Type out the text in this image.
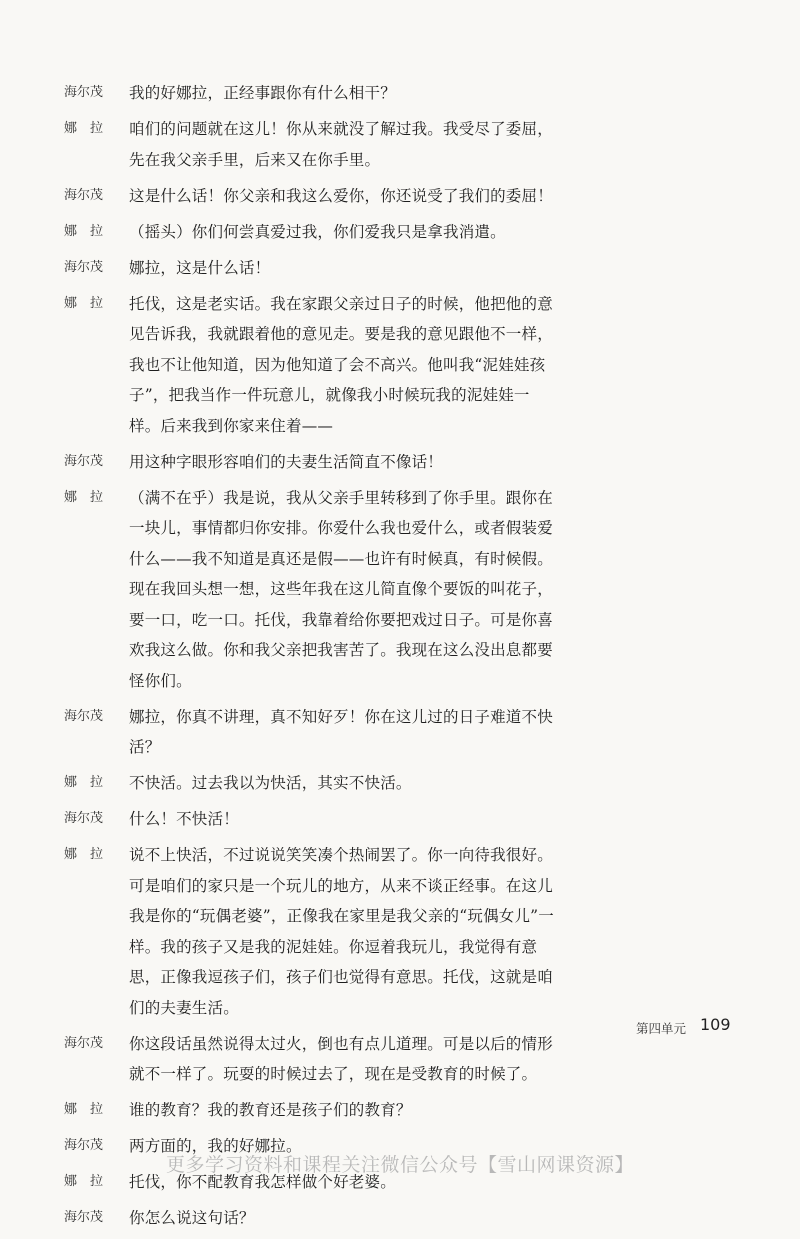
海尔茂	我的好娜拉，正经事跟你有什么相干？
娜　拉	咱们的问题就在这儿！你从来就没了解过我。我受尽了委屈，先在我父亲手里，后来又在你手里。
海尔茂	这是什么话！你父亲和我这么爱你，你还说受了我们的委屈！
娜　拉	（摇头）你们何尝真爱过我，你们爱我只是拿我消遣。
海尔茂	娜拉，这是什么话！
娜　拉	托伐，这是老实话。我在家跟父亲过日子的时候，他把他的意见告诉我，我就跟着他的意见走。要是我的意见跟他不一样，我也不让他知道，因为他知道了会不高兴。他叫我“泥娃娃孩子”，把我当作一件玩意儿，就像我小时候玩我的泥娃娃一样。后来我到你家来住着——
海尔茂	用这种字眼形容咱们的夫妻生活简直不像话！
娜　拉	（满不在乎）我是说，我从父亲手里转移到了你手里。跟你在一块儿，事情都归你安排。你爱什么我也爱什么，或者假装爱什么——我不知道是真还是假——也许有时候真，有时候假。现在我回头想一想，这些年我在这儿简直像个要饭的叫花子，要一口，吃一口。托伐，我靠着给你要把戏过日子。可是你喜欢我这么做。你和我父亲把我害苦了。我现在这么没出息都要怪你们。
海尔茂	娜拉，你真不讲理，真不知好歹！你在这儿过的日子难道不快活？
娜　拉	不快活。过去我以为快活，其实不快活。
海尔茂	什么！不快活！
娜　拉	说不上快活，不过说说笑笑凑个热闹罢了。你一向待我很好。可是咱们的家只是一个玩儿的地方，从来不谈正经事。在这儿我是你的“玩偶老婆”，正像我在家里是我父亲的“玩偶女儿”一样。我的孩子又是我的泥娃娃。你逗着我玩儿，我觉得有意思，正像我逗孩子们，孩子们也觉得有意思。托伐，这就是咱们的夫妻生活。
海尔茂	你这段话虽然说得太过火，倒也有点儿道理。可是以后的情形就不一样了。玩耍的时候过去了，现在是受教育的时候了。
娜　拉	谁的教育？我的教育还是孩子们的教育？
海尔茂	两方面的，我的好娜拉。
娜　拉	托伐，你不配教育我怎样做个好老婆。
海尔茂	你怎么说这句话？
第四单元 109
更多学习资料和课程关注微信公众号【雪山网课资源】
